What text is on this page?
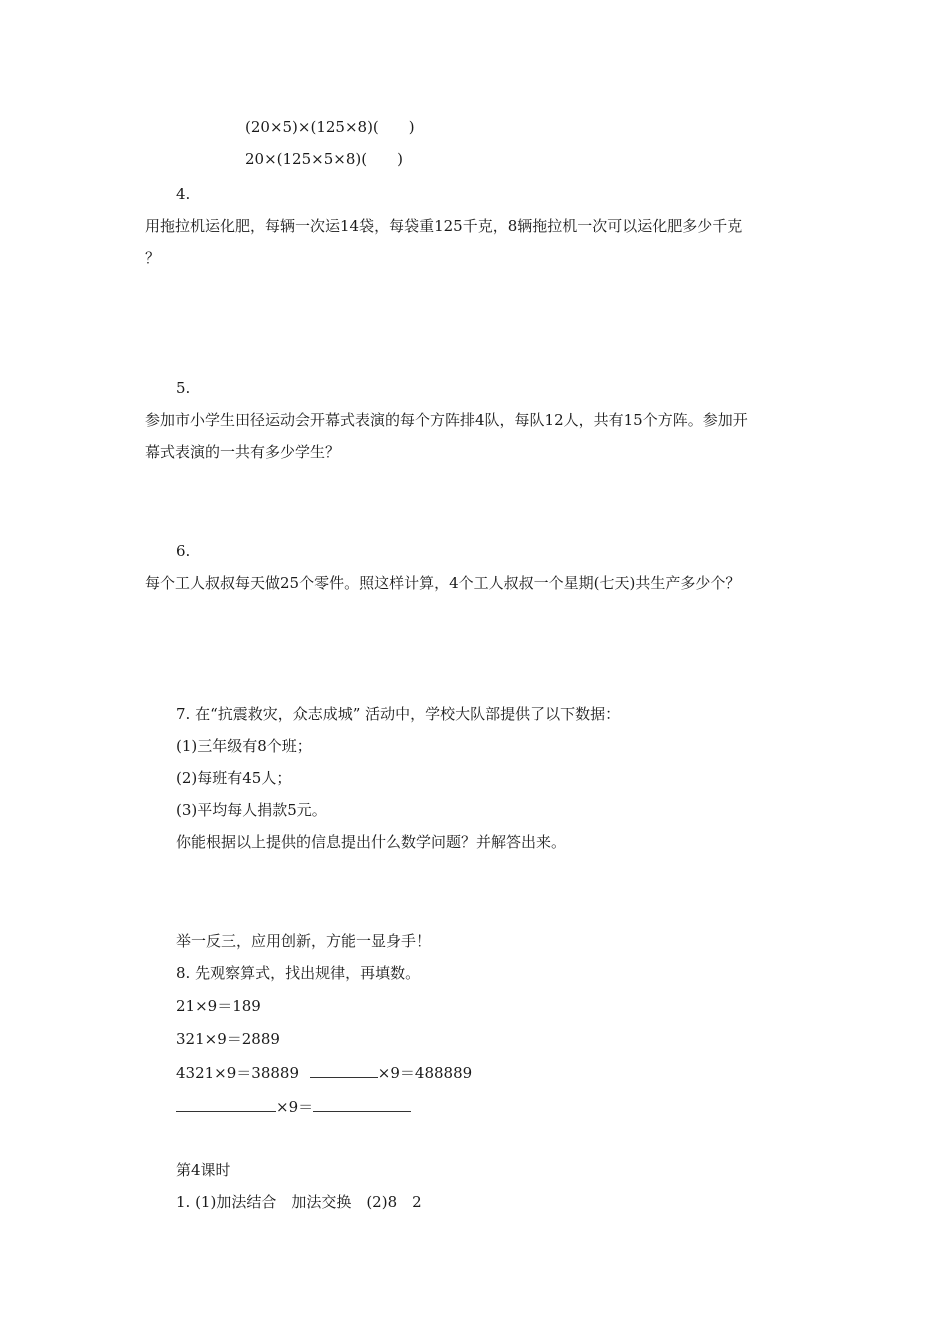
(20×5)×(125×8)(　　)
20×(125×5×8)(　　)
4.
用拖拉机运化肥，每辆一次运14袋，每袋重125千克，8辆拖拉机一次可以运化肥多少千克
？
5.
参加市小学生田径运动会开幕式表演的每个方阵排4队，每队12人，共有15个方阵。参加开
幕式表演的一共有多少学生？
6.
每个工人叔叔每天做25个零件。照这样计算，4个工人叔叔一个星期(七天)共生产多少个？
7. 在“抗震救灾，众志成城” 活动中，学校大队部提供了以下数据：
(1)三年级有8个班；
(2)每班有45人；
(3)平均每人捐款5元。
你能根据以上提供的信息提出什么数学问题？并解答出来。
举一反三，应用创新，方能一显身手！
8. 先观察算式，找出规律，再填数。
21×9＝189
321×9＝2889
4321×9＝38889	×9＝488889
×9＝
第4课时
1. (1)加法结合　加法交换　(2)8　2
